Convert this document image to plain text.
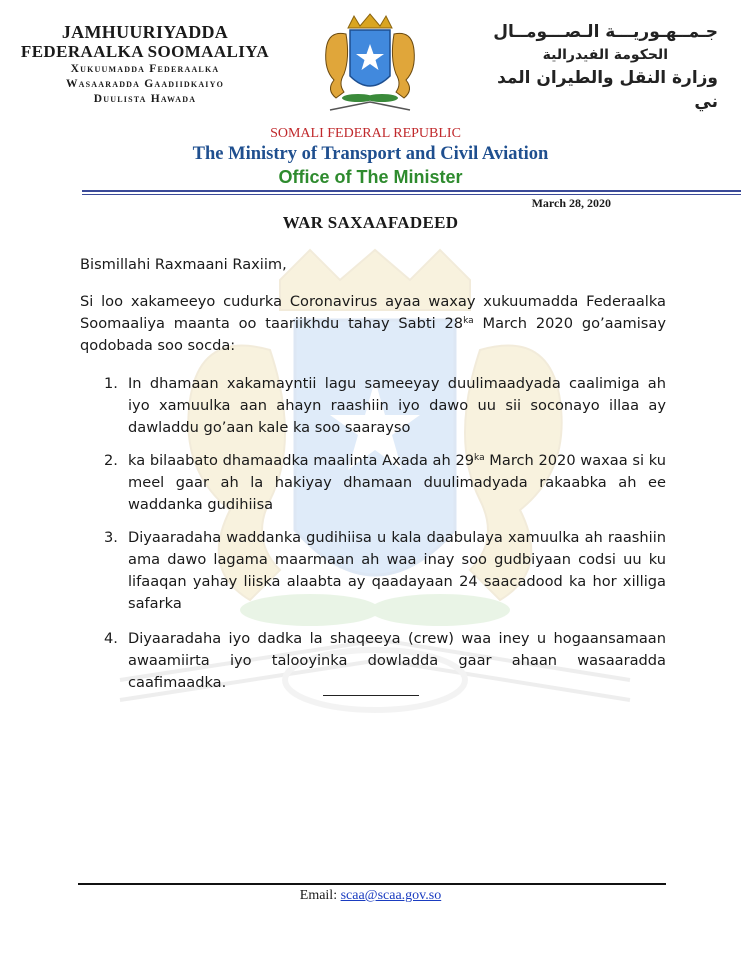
JAMHUURIYADDA
FEDERAALKA SOOMAALIYA
Xukuumadda Federaalka
Wasaaradda Gaadiidkaiyo
Duulista Hawada
جـمــهـوريـــة الـصـــومــال
الحكومة الفيدرالية
وزارة النقل والطيران المد ني
SOMALI FEDERAL REPUBLIC
The Ministry of Transport and Civil Aviation
Office of The Minister
March 28, 2020
WAR SAXAAFADEED
Bismillahi Raxmaani Raxiim,
Si loo xakameeyo cudurka Coronavirus ayaa waxay xukuumadda Federaalka Soomaaliya maanta oo taariikhdu tahay Sabti $28^{ka}$ March 2020 go’aamisay qodobada soo socda:
1. In dhamaan xakamayntii lagu sameeyay duulimaadyada caalimiga ah iyo xamuulka aan ahayn raashiin iyo dawo uu sii soconayo illaa ay dawladdu go’aan kale ka soo saarayso
2. ka bilaabato dhamaadka maalinta Axada ah $29^{ka}$ March 2020 waxaa si ku meel gaar ah la hakiyay dhamaan duulimadyada rakaabka ah ee waddanka gudihiisa
3. Diyaaradaha waddanka gudihiisa u kala daabulaya xamuulka ah raashiin ama dawo lagama maarmaan ah waa inay soo gudbiyaan codsi uu ku lifaaqan yahay liiska alaabta ay qaadayaan 24 saacadood ka hor xilliga safarka
4. Diyaaradaha iyo dadka la shaqeeya (crew) waa iney u hogaansamaan awaamiirta iyo talooyinka dowladda gaar ahaan wasaaradda caafimaadka.
Email: scaa@scaa.gov.so
